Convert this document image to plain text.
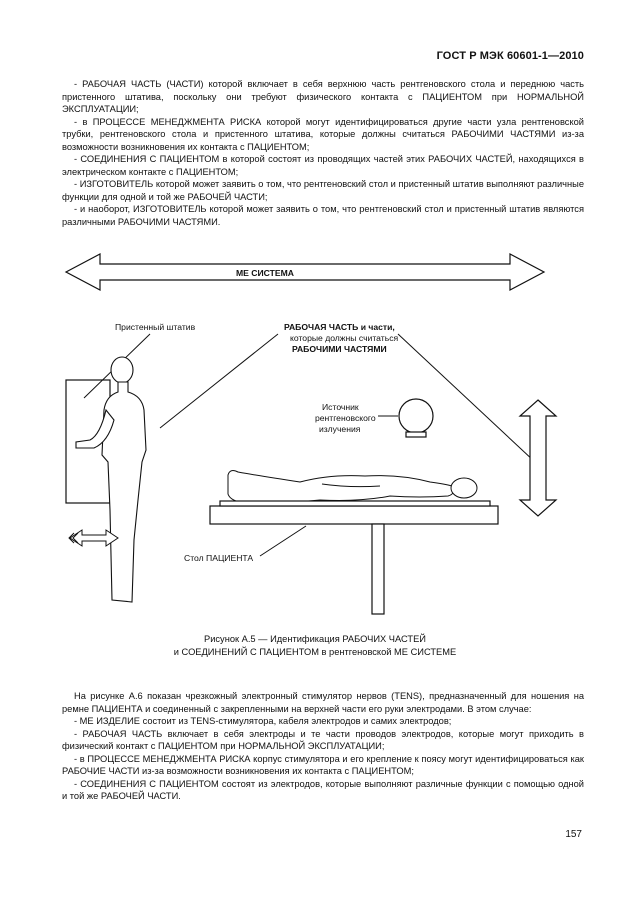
ГОСТ Р МЭК 60601-1—2010

- РАБОЧАЯ ЧАСТЬ (ЧАСТИ) которой включает в себя верхнюю часть рентгеновского стола и переднюю часть пристенного штатива, поскольку они требуют физического контакта с ПАЦИЕНТОМ при НОРМАЛЬНОЙ ЭКСПЛУАТАЦИИ;

- в ПРОЦЕССЕ МЕНЕДЖМЕНТА РИСКА которой могут идентифицироваться другие части узла рентгеновской трубки, рентгеновского стола и пристенного штатива, которые должны считаться РАБОЧИМИ ЧАСТЯМИ из-за возможности возникновения их контакта с ПАЦИЕНТОМ;

- СОЕДИНЕНИЯ С ПАЦИЕНТОМ в которой состоят из проводящих частей этих РАБОЧИХ ЧАСТЕЙ, находящихся в электрическом контакте с ПАЦИЕНТОМ;

- ИЗГОТОВИТЕЛЬ которой может заявить о том, что рентгеновский стол и пристенный штатив выполняют различные функции для одной и той же РАБОЧЕЙ ЧАСТИ;

- и наоборот, ИЗГОТОВИТЕЛЬ которой может заявить о том, что рентгеновский стол и пристенный штатив являются различными РАБОЧИМИ ЧАСТЯМИ.

МЕ СИСТЕМА
Пристенный штатив	РАБОЧАЯ ЧАСТЬ и части,
которые должны считаться
РАБОЧИМИ ЧАСТЯМИ
Источник
рентгеновского
излучения
Стол ПАЦИЕНТА
Рисунок А.5 — Идентификация РАБОЧИХ ЧАСТЕЙ
и СОЕДИНЕНИЙ С ПАЦИЕНТОМ в рентгеновской МЕ СИСТЕМЕ

На рисунке А.6 показан чрезкожный электронный стимулятор нервов (TENS), предназначенный для ношения на ремне ПАЦИЕНТА и соединенный с закрепленными на верхней части его руки электродами. В этом случае:

- МЕ ИЗДЕЛИЕ состоит из TENS-стимулятора, кабеля электродов и самих электродов;

- РАБОЧАЯ ЧАСТЬ включает в себя электроды и те части проводов электродов, которые могут приходить в физический контакт с ПАЦИЕНТОМ при НОРМАЛЬНОЙ ЭКСПЛУАТАЦИИ;

- в ПРОЦЕССЕ МЕНЕДЖМЕНТА РИСКА корпус стимулятора и его крепление к поясу могут идентифицироваться как РАБОЧИЕ ЧАСТИ из-за возможности возникновения их контакта с ПАЦИЕНТОМ;

- СОЕДИНЕНИЯ С ПАЦИЕНТОМ состоят из электродов, которые выполняют различные функции с помощью одной и той же РАБОЧЕЙ ЧАСТИ.

157
